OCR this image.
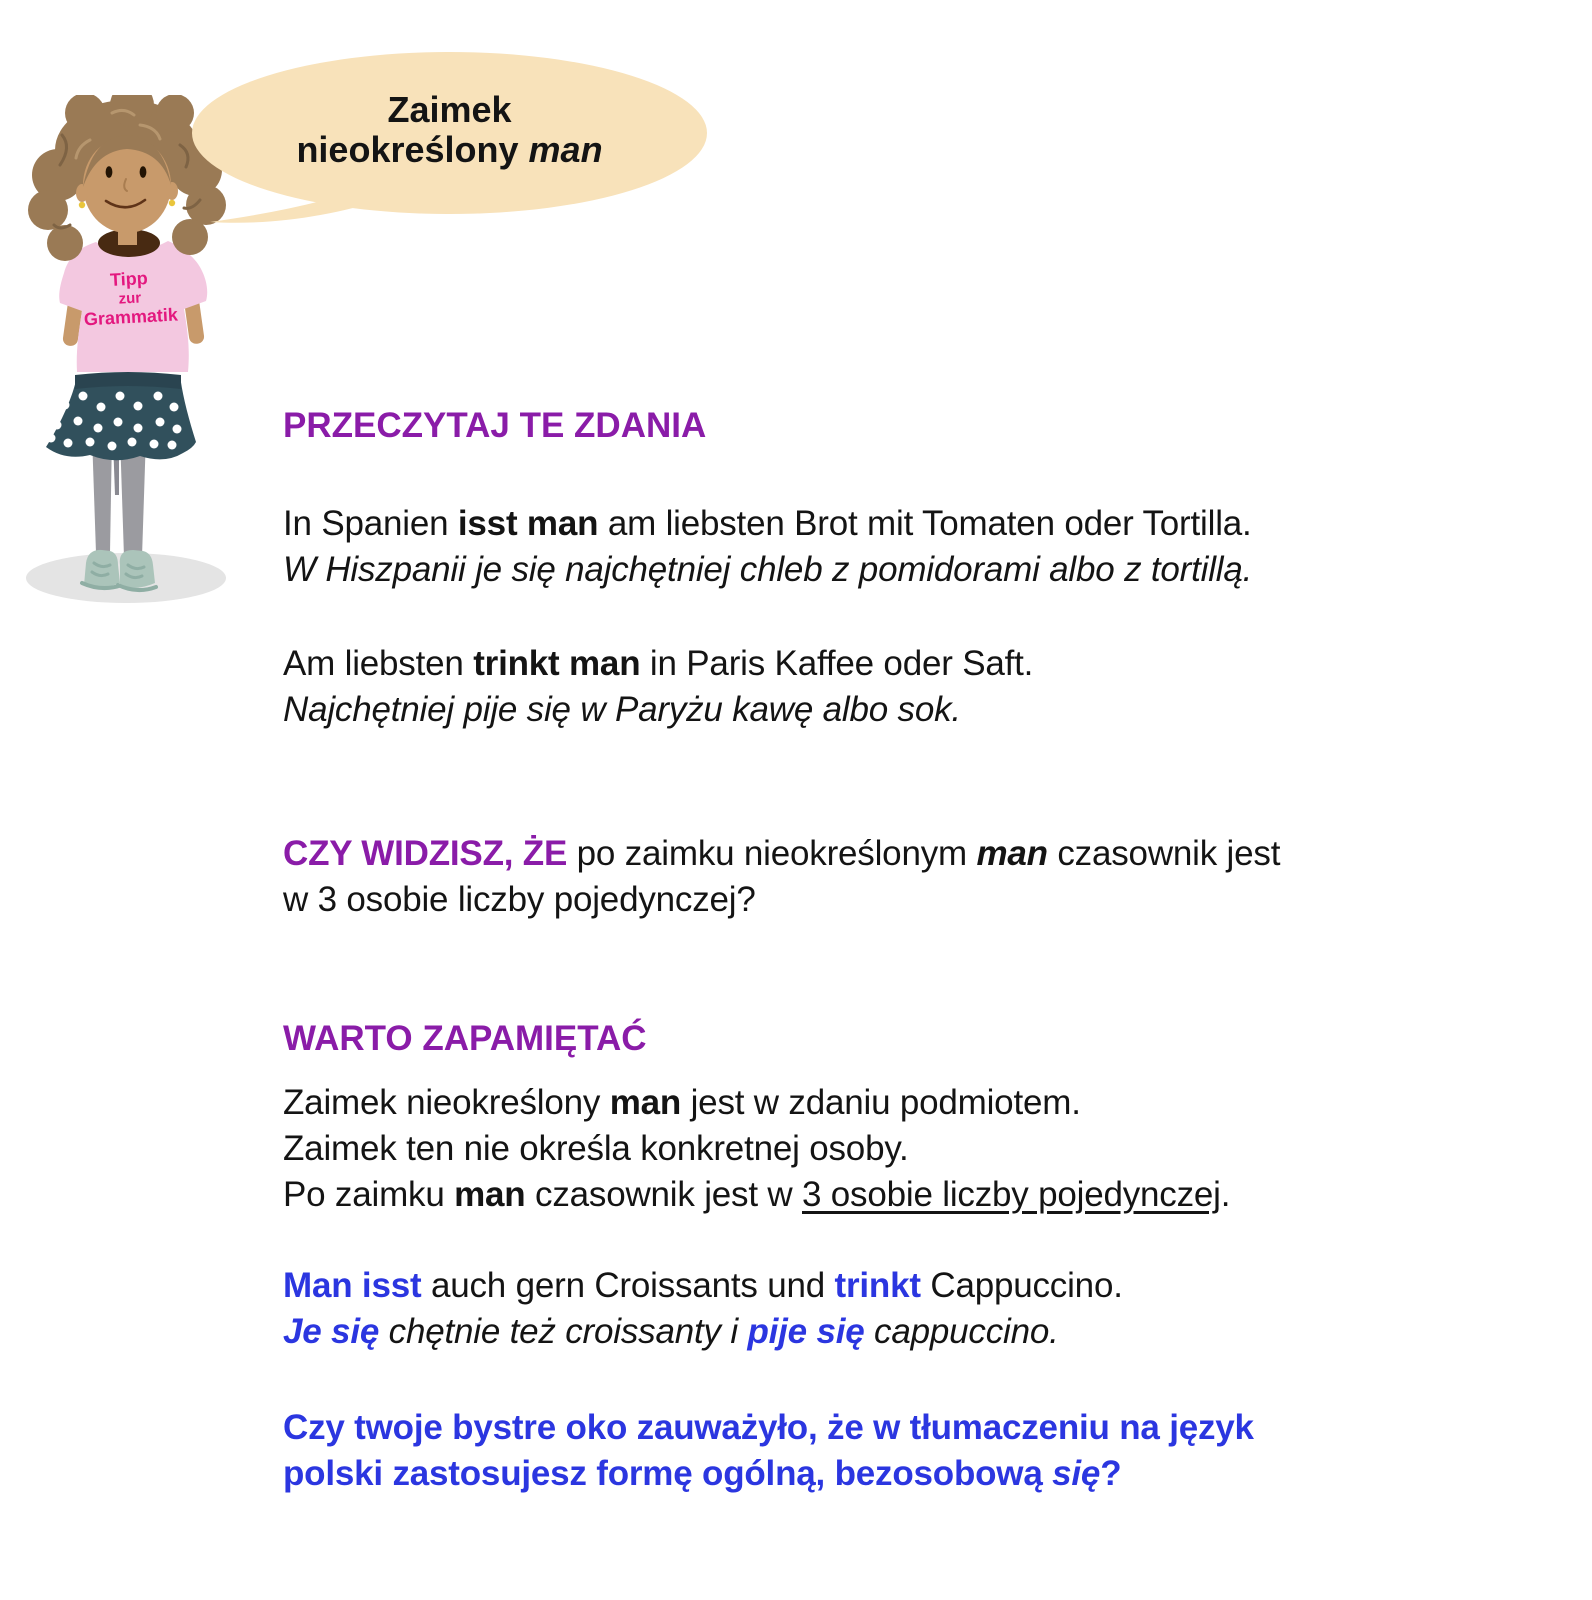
Tipp
zur
Grammatik
Zaimek
nieokreślony man
PRZECZYTAJ TE ZDANIA
In Spanien isst man am liebsten Brot mit Tomaten oder Tortilla.
W Hiszpanii je się najchętniej chleb z pomidorami albo z tortillą.
Am liebsten trinkt man in Paris Kaffee oder Saft.
Najchętniej pije się w Paryżu kawę albo sok.
CZY WIDZISZ, ŻE po zaimku nieokreślonym man czasownik jest
w 3 osobie liczby pojedynczej?
WARTO ZAPAMIĘTAĆ
Zaimek nieokreślony man jest w zdaniu podmiotem.
Zaimek ten nie określa konkretnej osoby.
Po zaimku man czasownik jest w 3 osobie liczby pojedynczej.
Man isst auch gern Croissants und trinkt Cappuccino.
Je się chętnie też croissanty i pije się cappuccino.
Czy twoje bystre oko zauważyło, że w tłumaczeniu na język
polski zastosujesz formę ogólną, bezosobową się?
